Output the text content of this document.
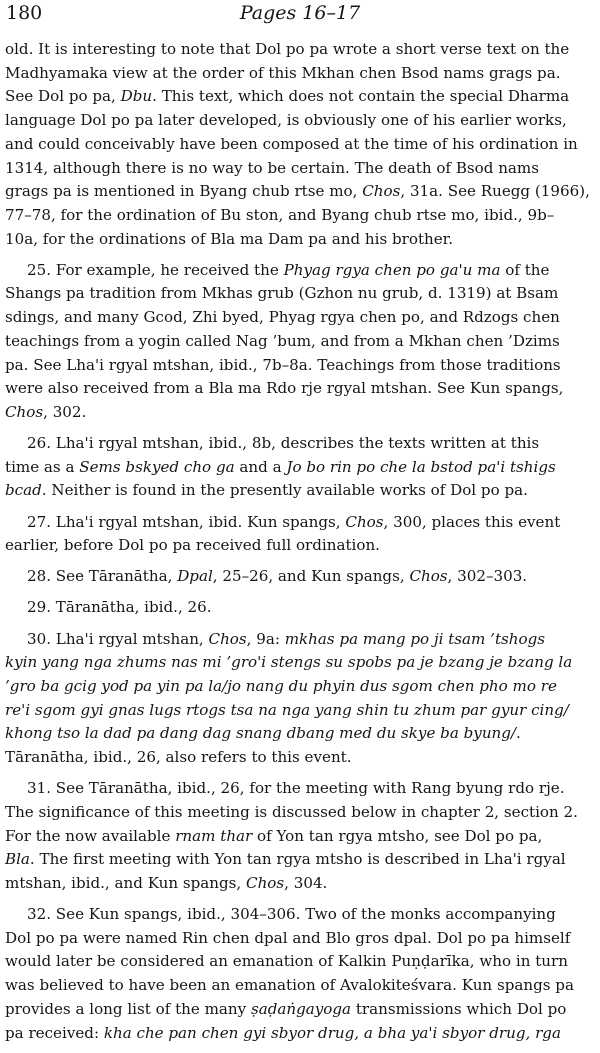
180	Pages 16–17
old. It is interesting to note that Dol po pa wrote a short verse text on the
Madhyamaka view at the order of this Mkhan chen Bsod nams grags pa.
See Dol po pa, Dbu. This text, which does not contain the special Dharma
language Dol po pa later developed, is obviously one of his earlier works,
and could conceivably have been composed at the time of his ordination in
1314, although there is no way to be certain. The death of Bsod nams
grags pa is mentioned in Byang chub rtse mo, Chos, 31a. See Ruegg (1966),
77–78, for the ordination of Bu ston, and Byang chub rtse mo, ibid., 9b–
10a, for the ordinations of Bla ma Dam pa and his brother.
25. For example, he received the Phyag rgya chen po ga'u ma of the
Shangs pa tradition from Mkhas grub (Gzhon nu grub, d. 1319) at Bsam
sdings, and many Gcod, Zhi byed, Phyag rgya chen po, and Rdzogs chen
teachings from a yogin called Nag ’bum, and from a Mkhan chen ’Dzims
pa. See Lha'i rgyal mtshan, ibid., 7b–8a. Teachings from those traditions
were also received from a Bla ma Rdo rje rgyal mtshan. See Kun spangs,
Chos, 302.
26. Lha'i rgyal mtshan, ibid., 8b, describes the texts written at this
time as a Sems bskyed cho ga and a Jo bo rin po che la bstod pa'i tshigs
bcad. Neither is found in the presently available works of Dol po pa.
27. Lha'i rgyal mtshan, ibid. Kun spangs, Chos, 300, places this event
earlier, before Dol po pa received full ordination.
28. See Tāranātha, Dpal, 25–26, and Kun spangs, Chos, 302–303.
29. Tāranātha, ibid., 26.
30. Lha'i rgyal mtshan, Chos, 9a: mkhas pa mang po ji tsam ’tshogs
kyin yang nga zhums nas mi ’gro'i stengs su spobs pa je bzang je bzang la
’gro ba gcig yod pa yin pa la/jo nang du phyin dus sgom chen pho mo re
re'i sgom gyi gnas lugs rtogs tsa na nga yang shin tu zhum par gyur cing/
khong tso la dad pa dang dag snang dbang med du skye ba byung/.
Tāranātha, ibid., 26, also refers to this event.
31. See Tāranātha, ibid., 26, for the meeting with Rang byung rdo rje.
The significance of this meeting is discussed below in chapter 2, section 2.
For the now available rnam thar of Yon tan rgya mtsho, see Dol po pa,
Bla. The first meeting with Yon tan rgya mtsho is described in Lha'i rgyal
mtshan, ibid., and Kun spangs, Chos, 304.
32. See Kun spangs, ibid., 304–306. Two of the monks accompanying
Dol po pa were named Rin chen dpal and Blo gros dpal. Dol po pa himself
would later be considered an emanation of Kalkin Puṇḍarīka, who in turn
was believed to have been an emanation of Avalokiteśvara. Kun spangs pa
provides a long list of the many ṣaḍaṅgayoga transmissions which Dol po
pa received: kha che pan chen gyi sbyor drug, a bha ya'i sbyor drug, rga
